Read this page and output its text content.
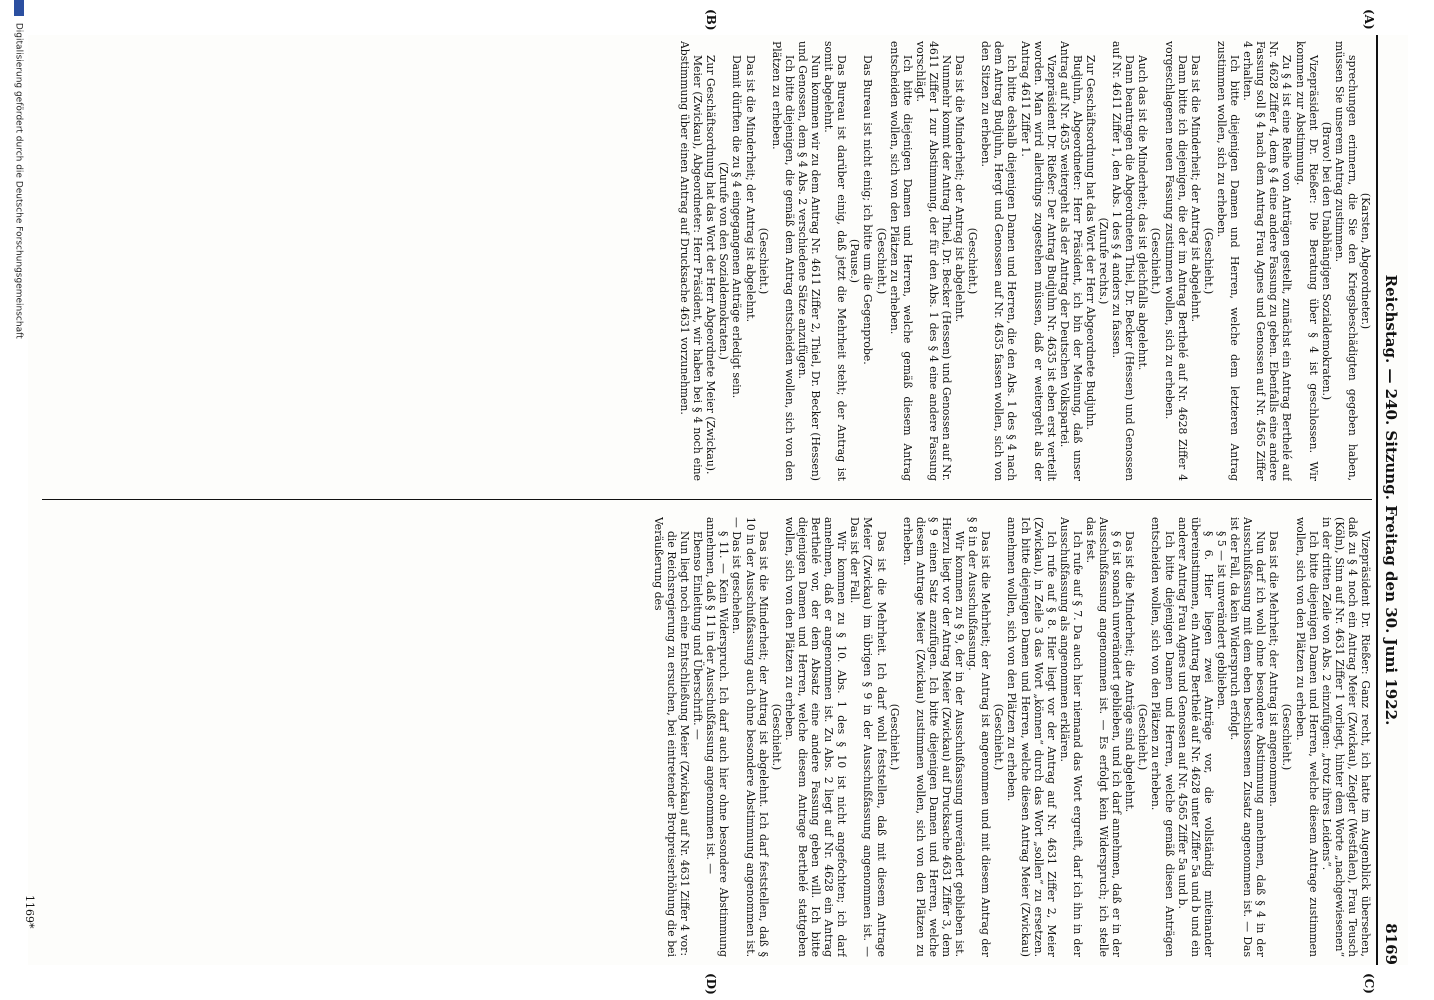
Reichstag. — 240. Sitzung. Freitag den 30. Juni 1922.
8169
(A)
(B)
(C)
(D)

(Karsten, Abgeordneter.)

sprechungen erinnern, die Sie den Kriegsbeschädigten gegeben haben, müssen Sie unserem Antrag zustimmen.

(Bravo! bei den Unabhängigen Sozialdemokraten.)

Vizepräsident Dr. Rießer: Die Beratung über § 4 ist geschlossen. Wir kommen zur Abstimmung.

Zu § 4 ist eine Reihe von Anträgen gestellt, zunächst ein Antrag Berthelé auf Nr. 4628 Ziffer 4, dem § 4 eine andere Fassung zu geben. Ebenfalls eine andere Fassung soll § 4 nach dem Antrag Frau Agnes und Genossen auf Nr. 4565 Ziffer 4 erhalten.

Ich bitte diejenigen Damen und Herren, welche dem letzteren Antrag zustimmen wollen, sich zu erheben.

(Geschieht.)

Das ist die Minderheit; der Antrag ist abgelehnt.

Dann bitte ich diejenigen, die der im Antrag Berthelé auf Nr. 4628 Ziffer 4 vorgeschlagenen neuen Fassung zustimmen wollen, sich zu erheben.

(Geschieht.)

Auch das ist die Minderheit; das ist gleichfalls abgelehnt.

Dann beantragen die Abgeordneten Thiel, Dr. Becker (Hessen) und Genossen auf Nr. 4611 Ziffer 1, den Abs. 1 des § 4 anders zu fassen.

(Zurufe rechts.)

Zur Geschäftsordnung hat das Wort der Herr Abgeordnete Budjuhn.

Budjuhn, Abgeordneter: Herr Präsident, ich bin der Meinung, daß unser Antrag auf Nr. 4635 weitergeht als der Antrag der Deutschen Volkspartei.

Vizepräsident Dr. Rießer: Der Antrag Budjuhn Nr. 4635 ist eben erst verteilt worden. Man wird allerdings zugestehen müssen, daß er weitergeht als der Antrag 4611 Ziffer 1.

Ich bitte deshalb diejenigen Damen und Herren, die den Abs. 1 des § 4 nach dem Antrag Budjuhn, Hergt und Genossen auf Nr. 4635 fassen wollen, sich von den Sitzen zu erheben.

(Geschieht.)

Das ist die Minderheit; der Antrag ist abgelehnt.

Nunmehr kommt der Antrag Thiel, Dr. Becker (Hessen) und Genossen auf Nr. 4611 Ziffer 1 zur Abstimmung, der für den Abs. 1 des § 4 eine andere Fassung vorschlägt.

Ich bitte diejenigen Damen und Herren, welche gemäß diesem Antrag entscheiden wollen, sich von den Plätzen zu erheben.

(Geschieht.)

Das Bureau ist nicht einig; ich bitte um die Gegenprobe.

(Pause.)

Das Bureau ist darüber einig, daß jetzt die Mehrheit steht; der Antrag ist somit abgelehnt.

Nun kommen wir zu dem Antrag Nr. 4611 Ziffer 2, Thiel, Dr. Becker (Hessen) und Genossen, dem § 4 Abs. 2 verschiedene Sätze anzufügen.

Ich bitte diejenigen, die gemäß dem Antrag entscheiden wollen, sich von den Plätzen zu erheben.

(Geschieht.)

Das ist die Minderheit; der Antrag ist abgelehnt.

Damit dürften die zu § 4 eingegangenen Anträge erledigt sein.

(Zurufe von den Sozialdemokraten.)

Zur Geschäftsordnung hat das Wort der Herr Abgeordnete Meier (Zwickau).

Meier (Zwickau), Abgeordneter: Herr Präsident, wir haben bei § 4 noch eine Abstimmung über einen Antrag auf Drucksache 4631 vorzunehmen.

Vizepräsident Dr. Rießer: Ganz recht, ich hatte im Augenblick übersehen, daß zu § 4 noch ein Antrag Meier (Zwickau), Ziegler (Westfalen), Frau Teusch (Köln), Sinn auf Nr. 4631 Ziffer 1 vorliegt, hinter dem Worte „nachgewiesenen“ in der dritten Zeile von Abs. 2 einzufügen: „trotz ihres Leidens“.

Ich bitte diejenigen Damen und Herren, welche diesem Antrage zustimmen wollen, sich von den Plätzen zu erheben.

(Geschieht.)

Das ist die Mehrheit; der Antrag ist angenommen.

Nun darf ich wohl ohne besondere Abstimmung annehmen, daß § 4 in der Ausschußfassung mit dem eben beschlossenen Zusatz angenommen ist. — Das ist der Fall, da kein Widerspruch erfolgt.

§ 5 — ist unverändert geblieben.

§ 6. Hier liegen zwei Anträge vor, die vollständig miteinander übereinstimmen, ein Antrag Berthelé auf Nr. 4628 unter Ziffer 5a und b und ein anderer Antrag Frau Agnes und Genossen auf Nr. 4565 Ziffer 5a und b.

Ich bitte diejenigen Damen und Herren, welche gemäß diesen Anträgen entscheiden wollen, sich von den Plätzen zu erheben.

(Geschieht.)

Das ist die Minderheit; die Anträge sind abgelehnt.

§ 6 ist sonach unverändert geblieben, und ich darf annehmen, daß er in der Ausschußfassung angenommen ist. — Es erfolgt kein Widerspruch; ich stelle das fest.

Ich rufe auf § 7. Da auch hier niemand das Wort ergreift, darf ich ihn in der Ausschußfassung als angenommen erklären.

Ich rufe auf § 8. Hier liegt vor der Antrag auf Nr. 4631 Ziffer 2, Meier (Zwickau), in Zeile 3 das Wort „können“ durch das Wort „sollen“ zu ersetzen. Ich bitte diejenigen Damen und Herren, welche diesen Antrag Meier (Zwickau) annehmen wollen, sich von den Plätzen zu erheben.

(Geschieht.)

Das ist die Mehrheit; der Antrag ist angenommen und mit diesem Antrag der § 8 in der Ausschußfassung.

Wir kommen zu § 9, der in der Ausschußfassung unverändert geblieben ist. Hierzu liegt vor der Antrag Meier (Zwickau) auf Drucksache 4631 Ziffer 3, dem § 9 einen Satz anzufügen. Ich bitte diejenigen Damen und Herren, welche diesem Antrage Meier (Zwickau) zustimmen wollen, sich von den Plätzen zu erheben.

(Geschieht.)

Das ist die Mehrheit. Ich darf wohl feststellen, daß mit diesem Antrage Meier (Zwickau) im übrigen § 9 in der Ausschußfassung angenommen ist. — Das ist der Fall.

Wir kommen zu § 10. Abs. 1 des § 10 ist nicht angefochten; ich darf annehmen, daß er angenommen ist. Zu Abs. 2 liegt auf Nr. 4628 ein Antrag Berthelé vor, der dem Absatz eine andere Fassung geben will. Ich bitte diejenigen Damen und Herren, welche diesem Antrage Berthelé stattgeben wollen, sich von den Plätzen zu erheben.

(Geschieht.)

Das ist die Minderheit; der Antrag ist abgelehnt. Ich darf feststellen, daß § 10 in der Ausschußfassung auch ohne besondere Abstimmung angenommen ist. — Das ist geschehen.

§ 11. — Kein Widerspruch. Ich darf auch hier ohne besondere Abstimmung annehmen, daß § 11 in der Ausschußfassung angenommen ist. —

Ebenso Einleitung und Überschrift. —

Nun liegt noch eine Entschließung Meier (Zwickau) auf Nr. 4631 Ziffer 4 vor:

die Reichsregierung zu ersuchen, bei eintretender Brotpreiserhöhung die bei Veräußerung des

1169*
Digitalisierung gefördert durch die Deutsche Forschungsgemeinschaft
